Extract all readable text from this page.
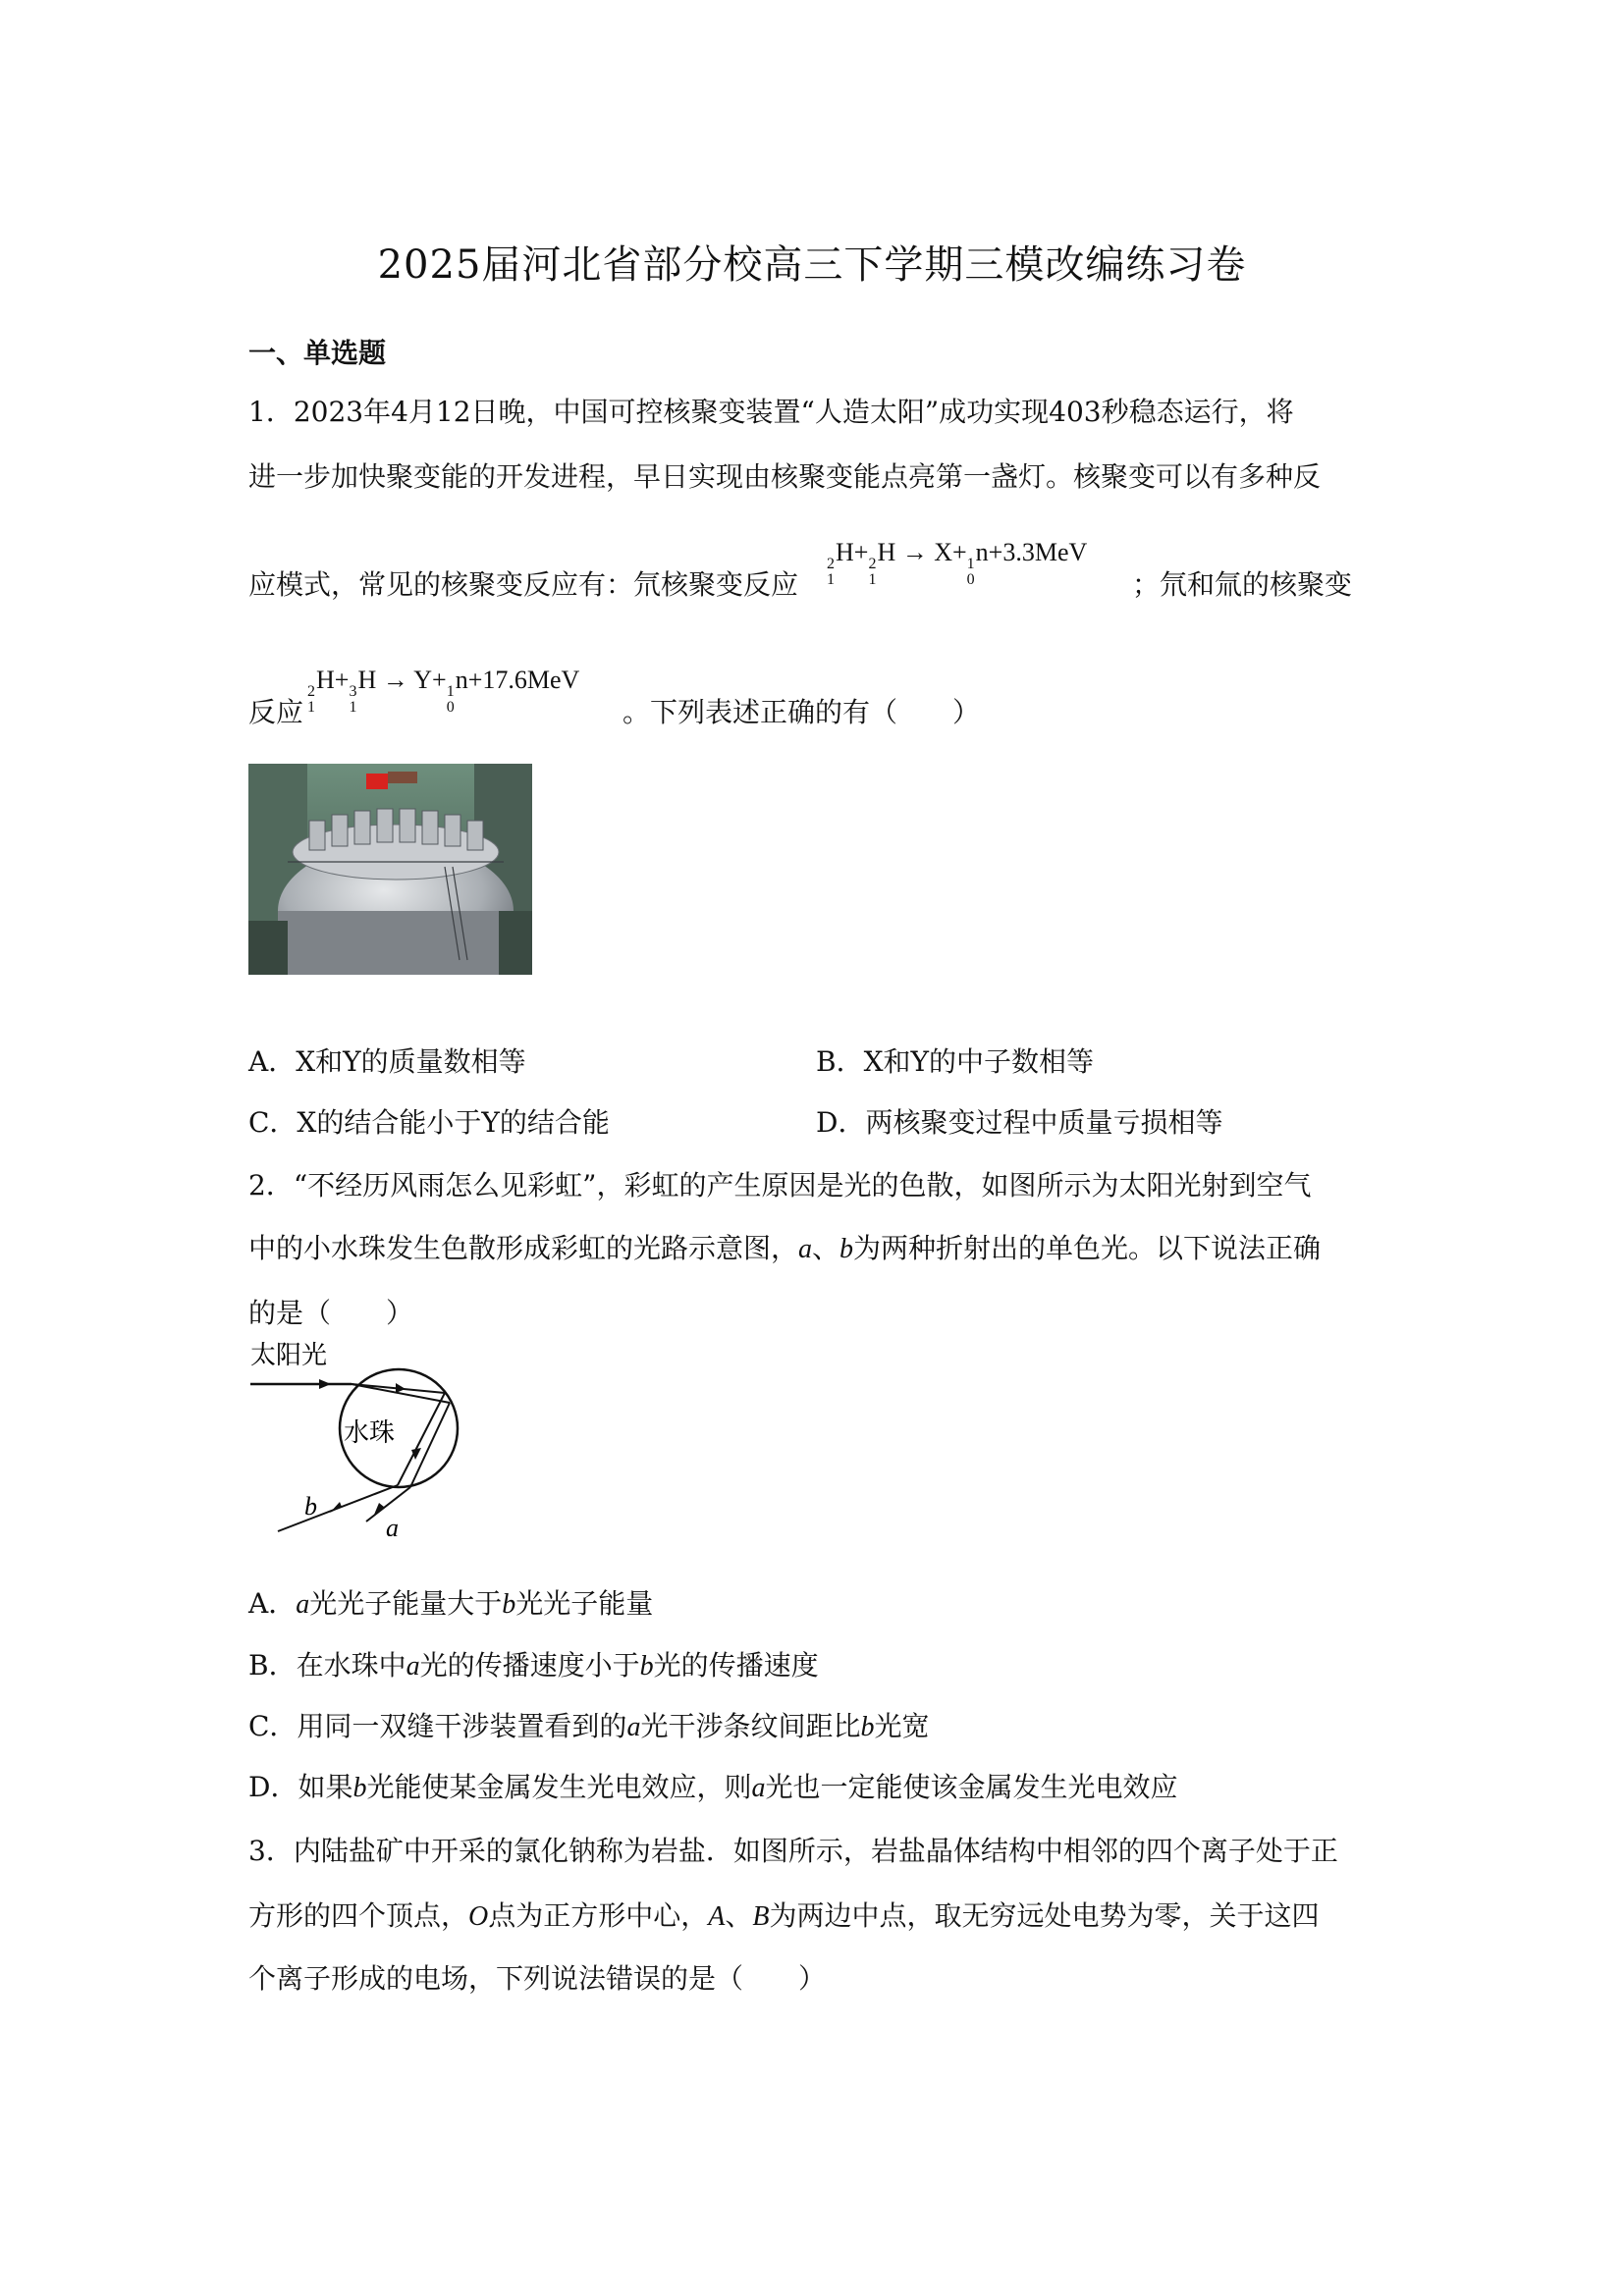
2025届河北省部分校高三下学期三模改编练习卷
一、单选题
1．2023年4月12日晚，中国可控核聚变装置“人造太阳”成功实现403秒稳态运行，将
进一步加快聚变能的开发进程，早日实现由核聚变能点亮第一盏灯。核聚变可以有多种反
应模式，常见的核聚变反应有：氘核聚变反应
2
1
H+ 2
1
H → X+ 1
0
n+3.3MeV
；氘和氚的核聚变
反应
2
1
H+ 3
1
H → Y+ 1
0
n+17.6MeV
。下列表述正确的有（　　）
A．X和Y的质量数相等	B．X和Y的中子数相等
C．X的结合能小于Y的结合能	D．两核聚变过程中质量亏损相等
2．“不经历风雨怎么见彩虹”，彩虹的产生原因是光的色散，如图所示为太阳光射到空气
中的小水珠发生色散形成彩虹的光路示意图，a、b为两种折射出的单色光。以下说法正确
的是（　　）
太阳光
水珠
b
a
A．a光光子能量大于b光光子能量
B．在水珠中a光的传播速度小于b光的传播速度
C．用同一双缝干涉装置看到的a光干涉条纹间距比b光宽
D．如果b光能使某金属发生光电效应，则a光也一定能使该金属发生光电效应
3．内陆盐矿中开采的氯化钠称为岩盐．如图所示，岩盐晶体结构中相邻的四个离子处于正
方形的四个顶点，O点为正方形中心，A、B为两边中点，取无穷远处电势为零，关于这四
个离子形成的电场，下列说法错误的是（　　）
